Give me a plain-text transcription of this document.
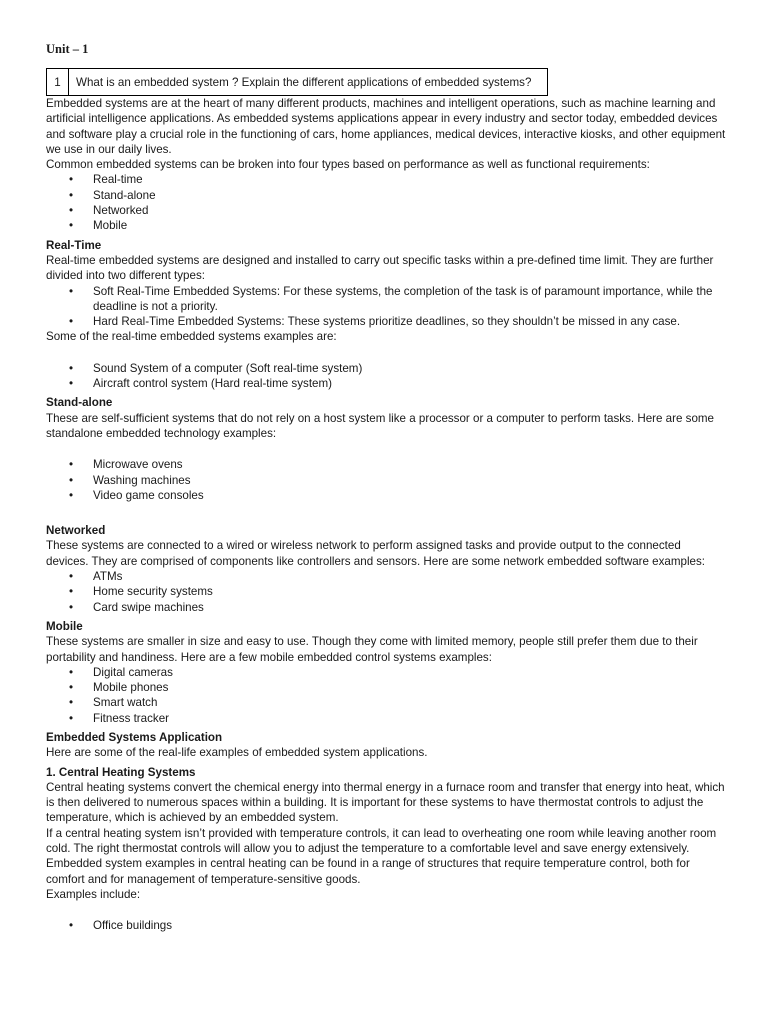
Unit – 1
1	What is an embedded system ? Explain the different applications of embedded systems?

Embedded systems are at the heart of many different products, machines and intelligent operations, such as machine learning and artificial intelligence applications. As embedded systems applications appear in every industry and sector today, embedded devices and software play a crucial role in the functioning of cars, home appliances, medical devices, interactive kiosks, and other equipment we use in our daily lives.

Common embedded systems can be broken into four types based on performance as well as functional requirements:

• Real-time
• Stand-alone
• Networked
• Mobile

Real-Time

Real-time embedded systems are designed and installed to carry out specific tasks within a pre-defined time limit. They are further divided into two different types:

• Soft Real-Time Embedded Systems: For these systems, the completion of the task is of paramount importance, while the deadline is not a priority.
• Hard Real-Time Embedded Systems: These systems prioritize deadlines, so they shouldn’t be missed in any case.

Some of the real-time embedded systems examples are:

• Sound System of a computer (Soft real-time system)
• Aircraft control system (Hard real-time system)

Stand-alone

These are self-sufficient systems that do not rely on a host system like a processor or a computer to perform tasks. Here are some standalone embedded technology examples:

• Microwave ovens
• Washing machines
• Video game consoles

Networked

These systems are connected to a wired or wireless network to perform assigned tasks and provide output to the connected devices. They are comprised of components like controllers and sensors. Here are some network embedded software examples:

• ATMs
• Home security systems
• Card swipe machines

Mobile

These systems are smaller in size and easy to use. Though they come with limited memory, people still prefer them due to their portability and handiness. Here are a few mobile embedded control systems examples:

• Digital cameras
• Mobile phones
• Smart watch
• Fitness tracker

Embedded Systems Application

Here are some of the real-life examples of embedded system applications.

1. Central Heating Systems

Central heating systems convert the chemical energy into thermal energy in a furnace room and transfer that energy into heat, which is then delivered to numerous spaces within a building. It is important for these systems to have thermostat controls to adjust the temperature, which is achieved by an embedded system.

If a central heating system isn’t provided with temperature controls, it can lead to overheating one room while leaving another room cold. The right thermostat controls will allow you to adjust the temperature to a comfortable level and save energy extensively.

Embedded system examples in central heating can be found in a range of structures that require temperature control, both for comfort and for management of temperature-sensitive goods.

Examples include:

• Office buildings
